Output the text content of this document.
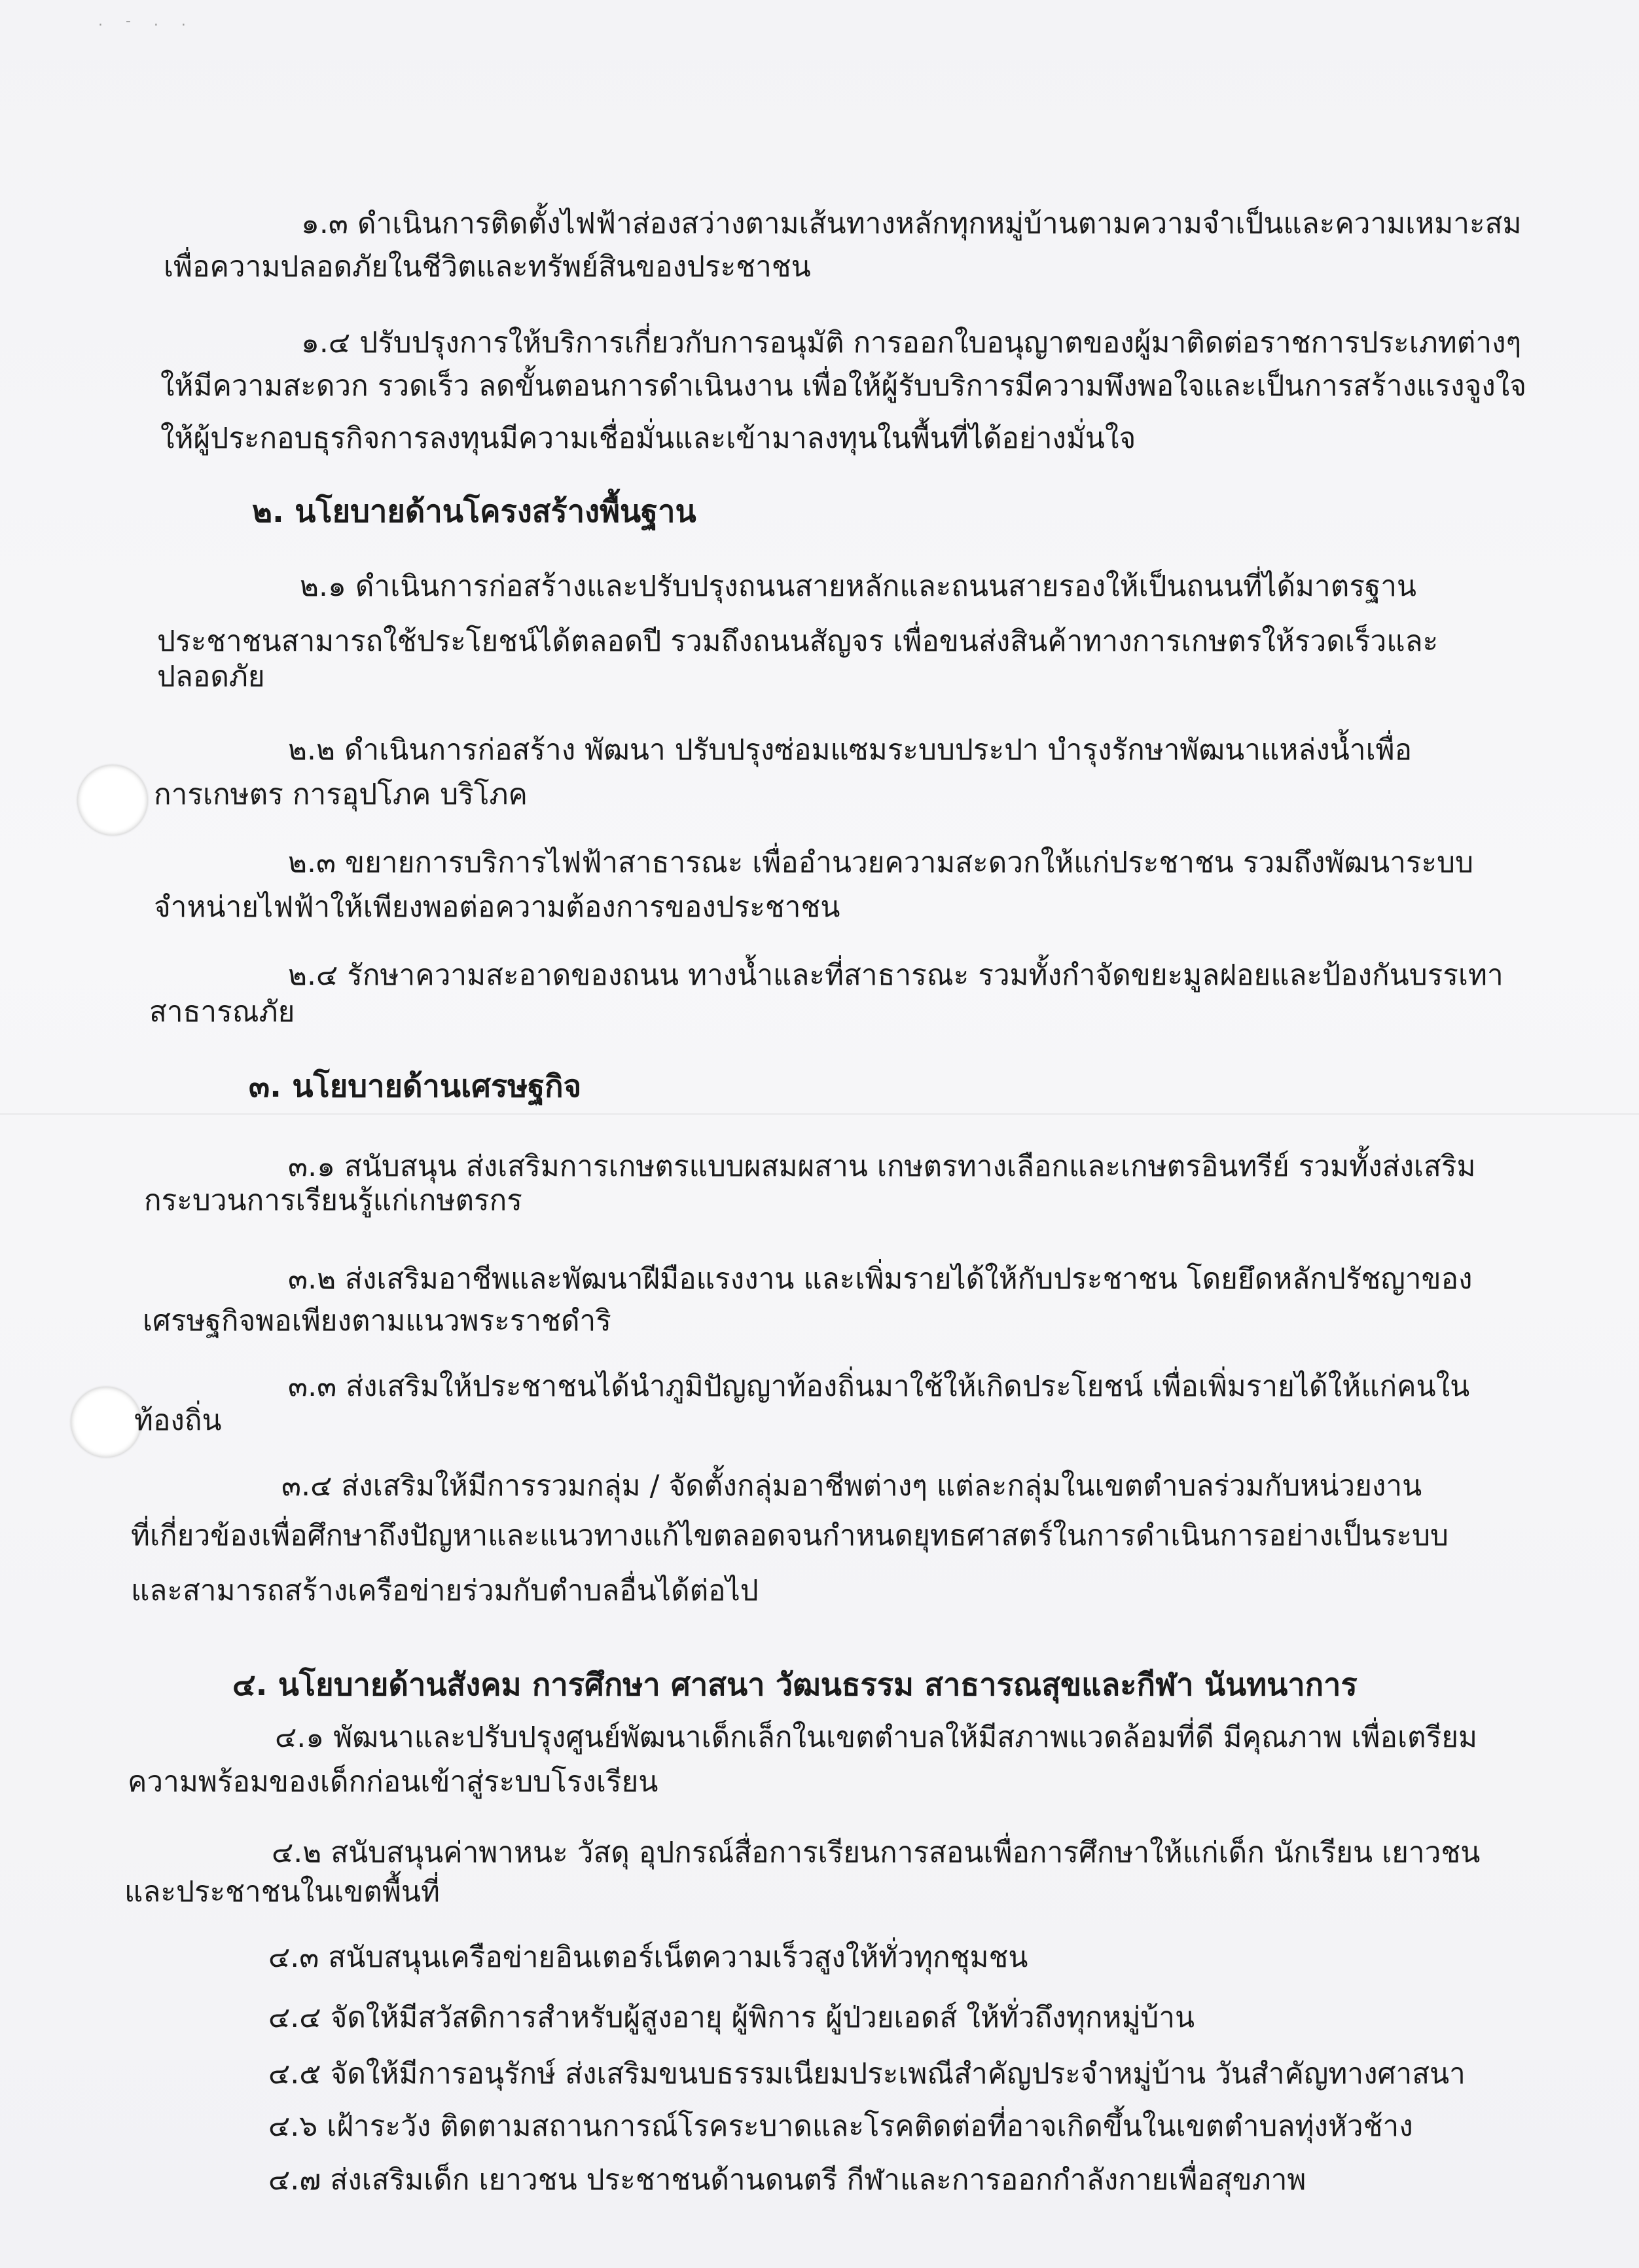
. - . .
๑.๓ ดำเนินการติดตั้งไฟฟ้าส่องสว่างตามเส้นทางหลักทุกหมู่บ้านตามความจำเป็นและความเหมาะสม
เพื่อความปลอดภัยในชีวิตและทรัพย์สินของประชาชน
๑.๔ ปรับปรุงการให้บริการเกี่ยวกับการอนุมัติ การออกใบอนุญาตของผู้มาติดต่อราชการประเภทต่างๆ
ให้มีความสะดวก รวดเร็ว ลดขั้นตอนการดำเนินงาน เพื่อให้ผู้รับบริการมีความพึงพอใจและเป็นการสร้างแรงจูงใจ
ให้ผู้ประกอบธุรกิจการลงทุนมีความเชื่อมั่นและเข้ามาลงทุนในพื้นที่ได้อย่างมั่นใจ
๒. นโยบายด้านโครงสร้างพื้นฐาน
๒.๑ ดำเนินการก่อสร้างและปรับปรุงถนนสายหลักและถนนสายรองให้เป็นถนนที่ได้มาตรฐาน
ประชาชนสามารถใช้ประโยชน์ได้ตลอดปี รวมถึงถนนสัญจร เพื่อขนส่งสินค้าทางการเกษตรให้รวดเร็วและ
ปลอดภัย
๒.๒ ดำเนินการก่อสร้าง พัฒนา ปรับปรุงซ่อมแซมระบบประปา บำรุงรักษาพัฒนาแหล่งน้ำเพื่อ
การเกษตร การอุปโภค บริโภค
๒.๓ ขยายการบริการไฟฟ้าสาธารณะ เพื่ออำนวยความสะดวกให้แก่ประชาชน รวมถึงพัฒนาระบบ
จำหน่ายไฟฟ้าให้เพียงพอต่อความต้องการของประชาชน
๒.๔ รักษาความสะอาดของถนน ทางน้ำและที่สาธารณะ รวมทั้งกำจัดขยะมูลฝอยและป้องกันบรรเทา
สาธารณภัย
๓. นโยบายด้านเศรษฐกิจ
๓.๑ สนับสนุน ส่งเสริมการเกษตรแบบผสมผสาน เกษตรทางเลือกและเกษตรอินทรีย์ รวมทั้งส่งเสริม
กระบวนการเรียนรู้แก่เกษตรกร
๓.๒ ส่งเสริมอาชีพและพัฒนาฝีมือแรงงาน และเพิ่มรายได้ให้กับประชาชน โดยยึดหลักปรัชญาของ
เศรษฐกิจพอเพียงตามแนวพระราชดำริ
๓.๓ ส่งเสริมให้ประชาชนได้นำภูมิปัญญาท้องถิ่นมาใช้ให้เกิดประโยชน์ เพื่อเพิ่มรายได้ให้แก่คนใน
ท้องถิ่น
๓.๔ ส่งเสริมให้มีการรวมกลุ่ม / จัดตั้งกลุ่มอาชีพต่างๆ แต่ละกลุ่มในเขตตำบลร่วมกับหน่วยงาน
ที่เกี่ยวข้องเพื่อศึกษาถึงปัญหาและแนวทางแก้ไขตลอดจนกำหนดยุทธศาสตร์ในการดำเนินการอย่างเป็นระบบ
และสามารถสร้างเครือข่ายร่วมกับตำบลอื่นได้ต่อไป
๔. นโยบายด้านสังคม การศึกษา ศาสนา วัฒนธรรม สาธารณสุขและกีฬา นันทนาการ
๔.๑ พัฒนาและปรับปรุงศูนย์พัฒนาเด็กเล็กในเขตตำบลให้มีสภาพแวดล้อมที่ดี มีคุณภาพ เพื่อเตรียม
ความพร้อมของเด็กก่อนเข้าสู่ระบบโรงเรียน
๔.๒ สนับสนุนค่าพาหนะ วัสดุ อุปกรณ์สื่อการเรียนการสอนเพื่อการศึกษาให้แก่เด็ก นักเรียน เยาวชน
และประชาชนในเขตพื้นที่
๔.๓ สนับสนุนเครือข่ายอินเตอร์เน็ตความเร็วสูงให้ทั่วทุกชุมชน
๔.๔ จัดให้มีสวัสดิการสำหรับผู้สูงอายุ ผู้พิการ ผู้ป่วยเอดส์ ให้ทั่วถึงทุกหมู่บ้าน
๔.๕ จัดให้มีการอนุรักษ์ ส่งเสริมขนบธรรมเนียมประเพณีสำคัญประจำหมู่บ้าน วันสำคัญทางศาสนา
๔.๖ เฝ้าระวัง ติดตามสถานการณ์โรคระบาดและโรคติดต่อที่อาจเกิดขึ้นในเขตตำบลทุ่งหัวช้าง
๔.๗ ส่งเสริมเด็ก เยาวชน ประชาชนด้านดนตรี กีฬาและการออกกำลังกายเพื่อสุขภาพ
